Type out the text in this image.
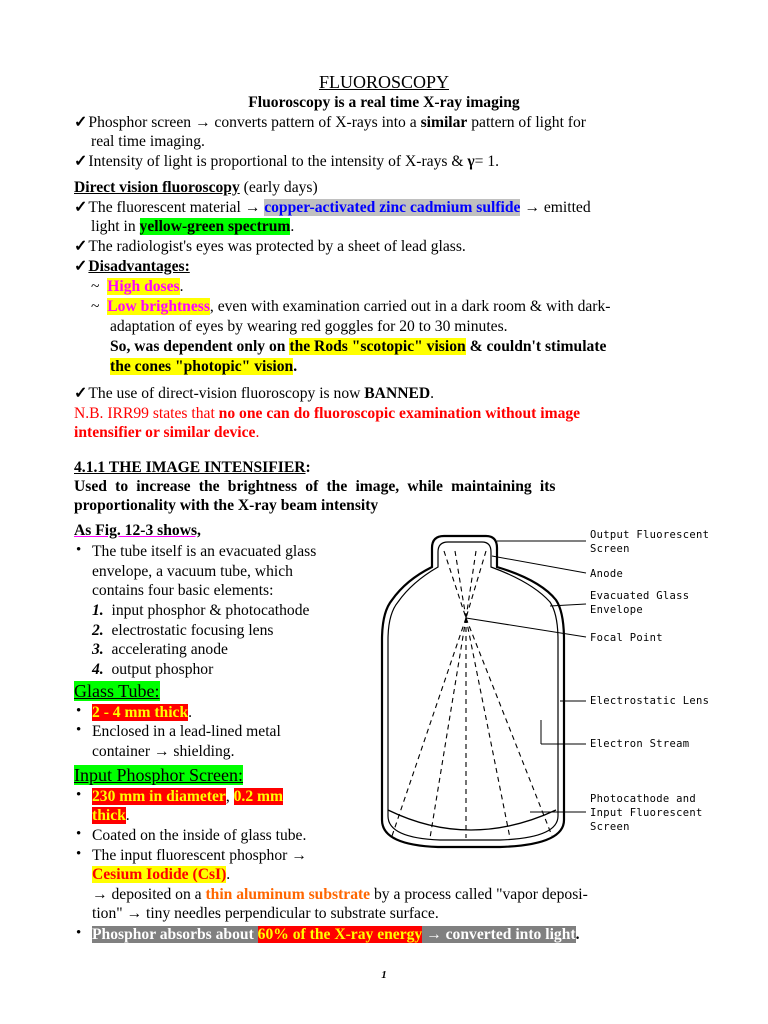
FLUOROSCOPY
Fluoroscopy is a real time X-ray imaging
✓Phosphor screen → converts pattern of X-rays into a similar pattern of light for
real time imaging.
✓Intensity of light is proportional to the intensity of X-rays & γ= 1.
Direct vision fluoroscopy (early days)
✓The fluorescent material → copper-activated zinc cadmium sulfide → emitted
light in yellow-green spectrum.
✓The radiologist's eyes was protected by a sheet of lead glass.
✓Disadvantages:
~  High doses.
~  Low brightness, even with examination carried out in a dark room & with dark-
adaptation of eyes by wearing red goggles for 20 to 30 minutes.
So, was dependent only on the Rods "scotopic" vision & couldn't stimulate
the cones "photopic" vision.
✓The use of direct-vision fluoroscopy is now BANNED.
N.B. IRR99 states that no one can do fluoroscopic examination without image
intensifier or similar device.
4.1.1 THE IMAGE INTENSIFIER:
Used to increase the brightness of the image, while maintaining its
proportionality with the X-ray beam intensity
As Fig. 12-3 shows,
• The tube itself is an evacuated glass
envelope, a vacuum tube, which
contains four basic elements:
1. input phosphor & photocathode
2. electrostatic focusing lens
3. accelerating anode
4. output phosphor
Glass Tube:
• 2 - 4 mm thick.
• Enclosed in a lead-lined metal
container → shielding.
Input Phosphor Screen:
• 230 mm in diameter, 0.2 mm
thick.
• Coated on the inside of glass tube.
• The input fluorescent phosphor →
Cesium Iodide (CsI).
→ deposited on a thin aluminum substrate by a process called "vapor deposi-
tion" → tiny needles perpendicular to substrate surface.
• Phosphor absorbs about 60% of the X-ray energy → converted into light.
Output Fluorescent
Screen
Anode
Evacuated Glass
Envelope
Focal Point
Electrostatic Lens
Electron Stream
Photocathode and
Input Fluorescent
Screen
1
